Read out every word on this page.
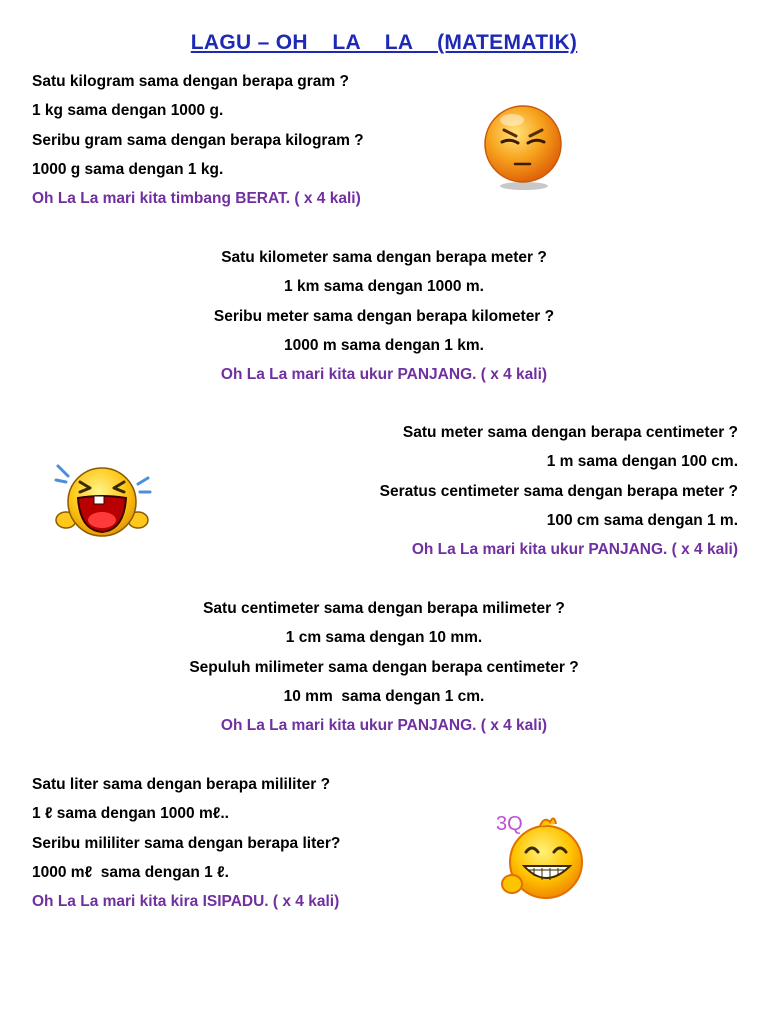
LAGU – OH    LA    LA    (MATEMATIK)
Satu kilogram sama dengan berapa gram ?
1 kg sama dengan 1000 g.
Seribu gram sama dengan berapa kilogram ?
1000 g sama dengan 1 kg.
Oh La La mari kita timbang BERAT. ( x 4 kali)
Satu kilometer sama dengan berapa meter ?
1 km sama dengan 1000 m.
Seribu meter sama dengan berapa kilometer ?
1000 m sama dengan 1 km.
Oh La La mari kita ukur PANJANG. ( x 4 kali)
Satu meter sama dengan berapa centimeter ?
1 m sama dengan 100 cm.
Seratus centimeter sama dengan berapa meter ?
100 cm sama dengan 1 m.
Oh La La mari kita ukur PANJANG. ( x 4 kali)
Satu centimeter sama dengan berapa milimeter ?
1 cm sama dengan 10 mm.
Sepuluh milimeter sama dengan berapa centimeter ?
10 mm  sama dengan 1 cm.
Oh La La mari kita ukur PANJANG. ( x 4 kali)
Satu liter sama dengan berapa mililiter ?
1 ℓ sama dengan 1000 mℓ..
Seribu mililiter sama dengan berapa liter?
1000 mℓ  sama dengan 1 ℓ.
Oh La La mari kita kira ISIPADU. ( x 4 kali)
3Q
